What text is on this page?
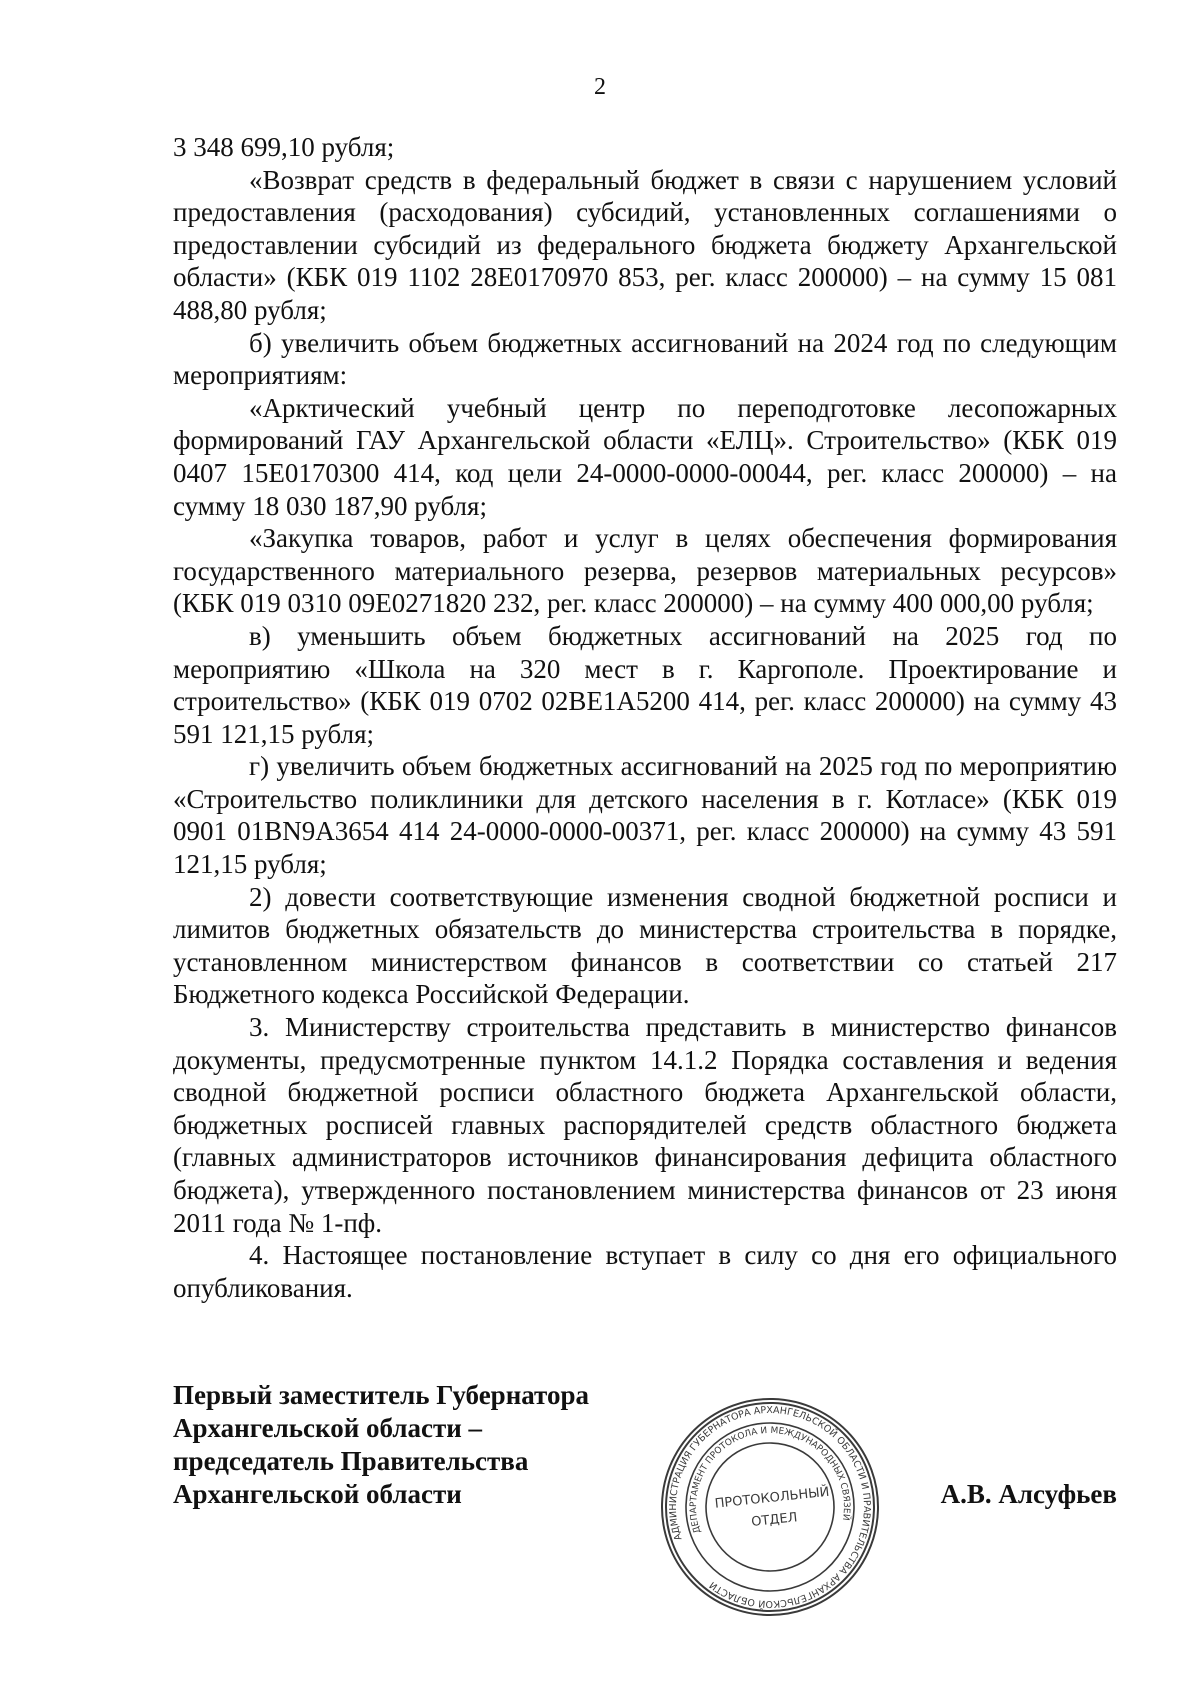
2

3 348 699,10 рубля;

«Возврат средств в федеральный бюджет в связи с нарушением условий предоставления (расходования) субсидий, установленных соглашениями о предоставлении субсидий из федерального бюджета бюджету Архангельской области» (КБК 019 1102 28Е0170970 853, рег. класс 200000) – на сумму 15 081 488,80 рубля;

б) увеличить объем бюджетных ассигнований на 2024 год по следующим мероприятиям:

«Арктический учебный центр по переподготовке лесопожарных формирований ГАУ Архангельской области «ЕЛЦ». Строительство» (КБК 019 0407 15Е0170300 414, код цели 24-0000-0000-00044, рег. класс 200000) – на сумму 18 030 187,90 рубля;

«Закупка товаров, работ и услуг в целях обеспечения формирования государственного материального резерва, резервов материальных ресурсов» (КБК 019 0310 09Е0271820 232, рег. класс 200000) – на сумму 400 000,00 рубля;

в) уменьшить объем бюджетных ассигнований на 2025 год по мероприятию «Школа на 320 мест в г. Каргополе. Проектирование и строительство» (КБК 019 0702 02ВЕ1А5200 414, рег. класс 200000) на сумму 43 591 121,15 рубля;

г) увеличить объем бюджетных ассигнований на 2025 год по мероприятию «Строительство поликлиники для детского населения в г. Котласе» (КБК 019 0901 01BN9A3654 414 24-0000-0000-00371, рег. класс 200000) на сумму 43 591 121,15 рубля;

2) довести соответствующие изменения сводной бюджетной росписи и лимитов бюджетных обязательств до министерства строительства в порядке, установленном министерством финансов в соответствии со статьей 217 Бюджетного кодекса Российской Федерации.

3. Министерству строительства представить в министерство финансов документы, предусмотренные пунктом 14.1.2 Порядка составления и ведения сводной бюджетной росписи областного бюджета Архангельской области, бюджетных росписей главных распорядителей средств областного бюджета (главных администраторов источников финансирования дефицита областного бюджета), утвержденного постановлением министерства финансов от 23 июня 2011 года № 1-пф.

4. Настоящее постановление вступает в силу со дня его официального опубликования.

Первый заместитель Губернатора
Архангельской области –
председатель Правительства
Архангельской области	А.В. Алсуфьев
АДМИНИСТРАЦИЯ ГУБЕРНАТОРА АРХАНГЕЛЬСКОЙ ОБЛАСТИ И ПРАВИТЕЛЬСТВА АРХАНГЕЛЬСКОЙ ОБЛАСТИ
ДЕПАРТАМЕНТ ПРОТОКОЛА И МЕЖДУНАРОДНЫХ СВЯЗЕЙ
ПРОТОКОЛЬНЫЙ
ОТДЕЛ
